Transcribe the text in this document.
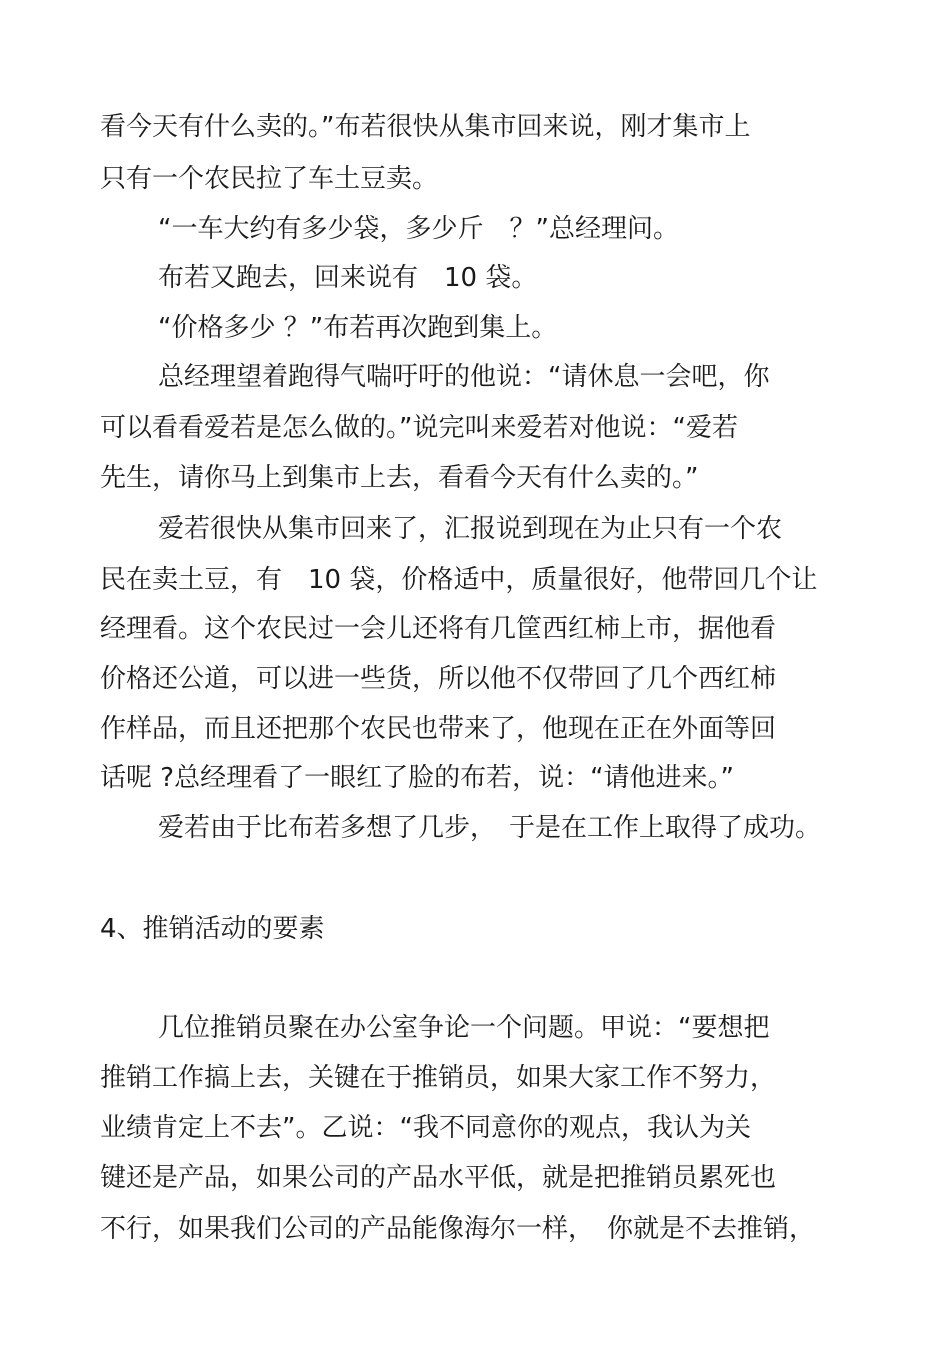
看今天有什么卖的。”布若很快从集市回来说，刚才集市上
只有一个农民拉了车土豆卖。
“一车大约有多少袋，多少斤　？”总经理问。
布若又跑去，回来说有　10 袋。
“价格多少 ？”布若再次跑到集上。
总经理望着跑得气喘吁吁的他说：“请休息一会吧，你
可以看看爱若是怎么做的。”说完叫来爱若对他说：“爱若
先生，请你马上到集市上去，看看今天有什么卖的。”
爱若很快从集市回来了，汇报说到现在为止只有一个农
民在卖土豆，有　10 袋，价格适中，质量很好，他带回几个让
经理看。这个农民过一会儿还将有几筐西红柿上市，据他看
价格还公道，可以进一些货，所以他不仅带回了几个西红柿
作样品，而且还把那个农民也带来了，他现在正在外面等回
话呢 ?总经理看了一眼红了脸的布若，说：“请他进来。”
爱若由于比布若多想了几步，　于是在工作上取得了成功。
4、推销活动的要素
几位推销员聚在办公室争论一个问题。甲说：“要想把
推销工作搞上去，关键在于推销员，如果大家工作不努力，
业绩肯定上不去”。乙说：“我不同意你的观点，我认为关
键还是产品，如果公司的产品水平低，就是把推销员累死也
不行，如果我们公司的产品能像海尔一样，　你就是不去推销，
